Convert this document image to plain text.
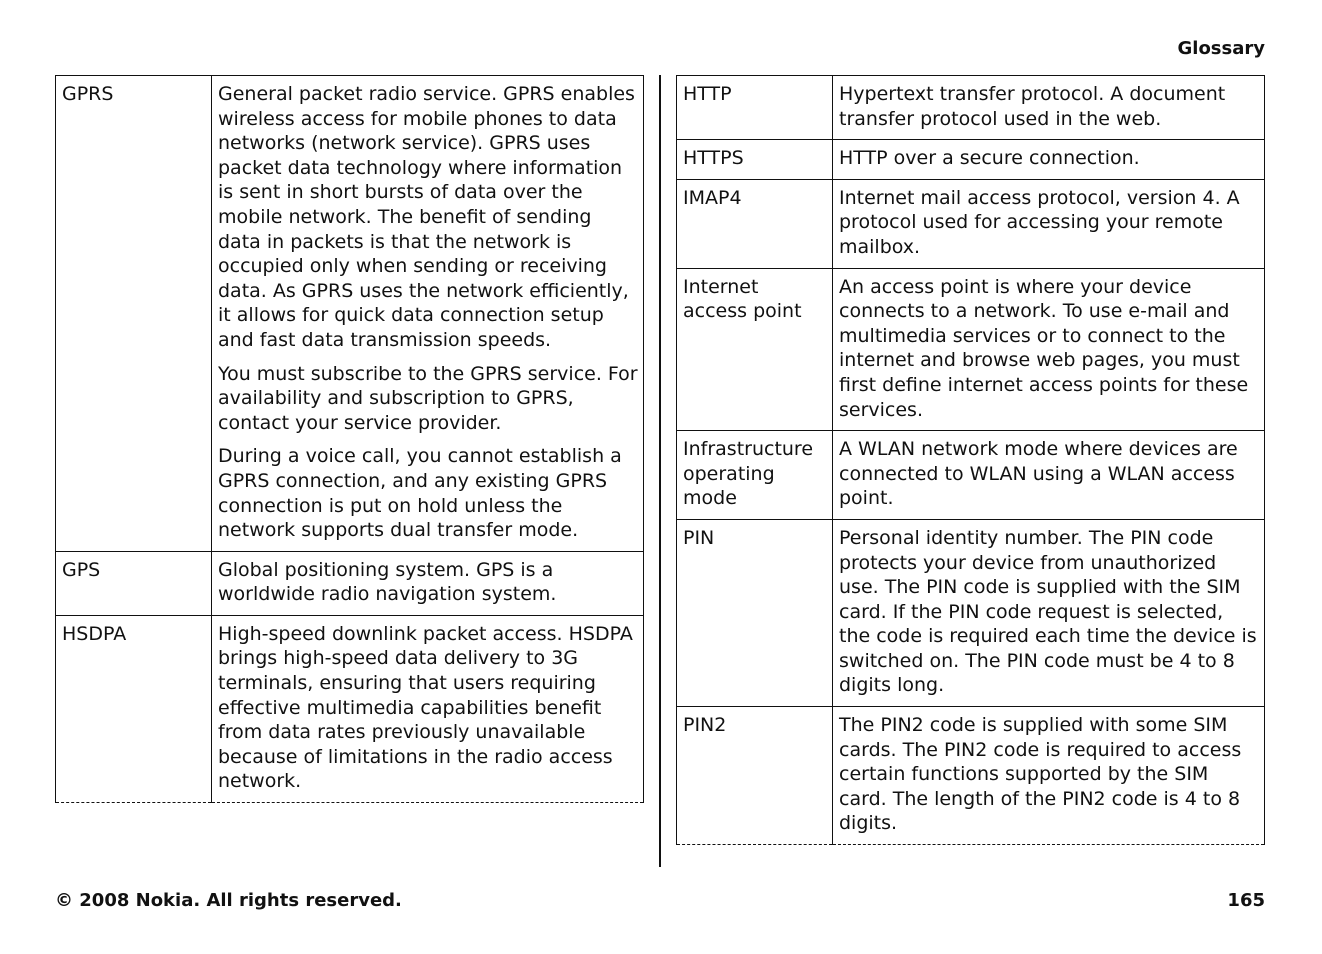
Glossary
GPRS	General packet radio service. GPRS enables wireless access for mobile phones to data networks (network service). GPRS uses packet data technology where information is sent in short bursts of data over the mobile network. The benefit of sending data in packets is that the network is occupied only when sending or receiving data. As GPRS uses the network efficiently, it allows for quick data connection setup and fast data transmission speeds.

You must subscribe to the GPRS service. For availability and subscription to GPRS, contact your service provider.

During a voice call, you cannot establish a GPRS connection, and any existing GPRS connection is put on hold unless the network supports dual transfer mode.

GPS	Global positioning system. GPS is a worldwide radio navigation system.

HSDPA	High-speed downlink packet access. HSDPA brings high-speed data delivery to 3G terminals, ensuring that users requiring effective multimedia capabilities benefit from data rates previously unavailable because of limitations in the radio access network.

HTTP	Hypertext transfer protocol. A document transfer protocol used in the web.

HTTPS	HTTP over a secure connection.

IMAP4	Internet mail access protocol, version 4. A protocol used for accessing your remote mailbox.

Internet access point	An access point is where your device connects to a network. To use e-mail and multimedia services or to connect to the internet and browse web pages, you must first define internet access points for these services.

Infrastructure operating mode	A WLAN network mode where devices are connected to WLAN using a WLAN access point.

PIN	Personal identity number. The PIN code protects your device from unauthorized use. The PIN code is supplied with the SIM card. If the PIN code request is selected, the code is required each time the device is switched on. The PIN code must be 4 to 8 digits long.

PIN2	The PIN2 code is supplied with some SIM cards. The PIN2 code is required to access certain functions supported by the SIM card. The length of the PIN2 code is 4 to 8 digits.

© 2008 Nokia. All rights reserved.	165
